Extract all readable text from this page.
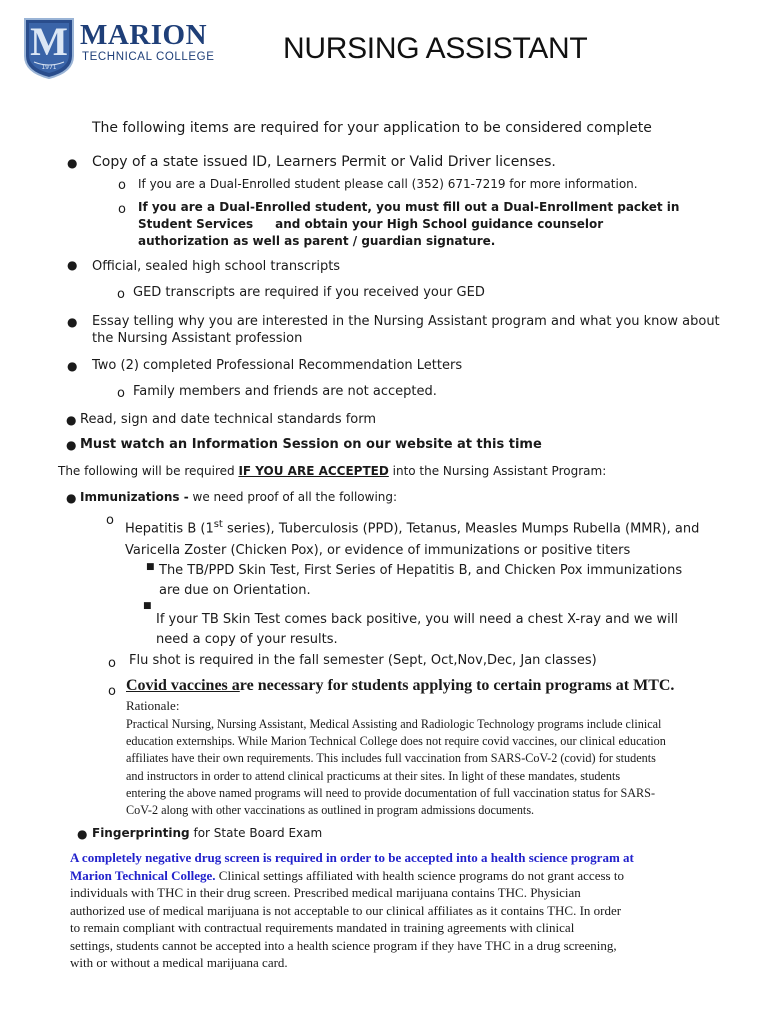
M
1971
MARION
TECHNICAL COLLEGE NURSING ASSISTANT
The following items are required for your application to be considered complete
● Copy of a state issued ID, Learners Permit or Valid Driver licenses.
o If you are a Dual-Enrolled student please call (352) 671-7219 for more information.
o If you are a Dual-Enrolled student, you must fill out a Dual-Enrollment packet in
Student Services and obtain your High School guidance counselor
authorization as well as parent / guardian signature.
● Official, sealed high school transcripts
o GED transcripts are required if you received your GED
● Essay telling why you are interested in the Nursing Assistant program and what you know about
the Nursing Assistant profession
● Two (2) completed Professional Recommendation Letters
o Family members and friends are not accepted.
● Read, sign and date technical standards form
● Must watch an Information Session on our website at this time
The following will be required IF YOU ARE ACCEPTED into the Nursing Assistant Program:
● Immunizations - we need proof of all the following:
o
Hepatitis B (1st series), Tuberculosis (PPD), Tetanus, Measles Mumps Rubella (MMR), and
Varicella Zoster (Chicken Pox), or evidence of immunizations or positive titers
■ The TB/PPD Skin Test, First Series of Hepatitis B, and Chicken Pox immunizations
are due on Orientation.
■
If your TB Skin Test comes back positive, you will need a chest X-ray and we will
need a copy of your results.
o Flu shot is required in the fall semester (Sept, Oct,Nov,Dec, Jan classes)
o Covid vaccines are necessary for students applying to certain programs at MTC.
Rationale:
Practical Nursing, Nursing Assistant, Medical Assisting and Radiologic Technology programs include clinical
education externships. While Marion Technical College does not require covid vaccines, our clinical education
affiliates have their own requirements. This includes full vaccination from SARS-CoV-2 (covid) for students
and instructors in order to attend clinical practicums at their sites. In light of these mandates, students
entering the above named programs will need to provide documentation of full vaccination status for SARS-
CoV-2 along with other vaccinations as outlined in program admissions documents.
● Fingerprinting for State Board Exam
A completely negative drug screen is required in order to be accepted into a health science program at
Marion Technical College. Clinical settings affiliated with health science programs do not grant access to
individuals with THC in their drug screen. Prescribed medical marijuana contains THC. Physician
authorized use of medical marijuana is not acceptable to our clinical affiliates as it contains THC. In order
to remain compliant with contractual requirements mandated in training agreements with clinical
settings, students cannot be accepted into a health science program if they have THC in a drug screening,
with or without a medical marijuana card.
